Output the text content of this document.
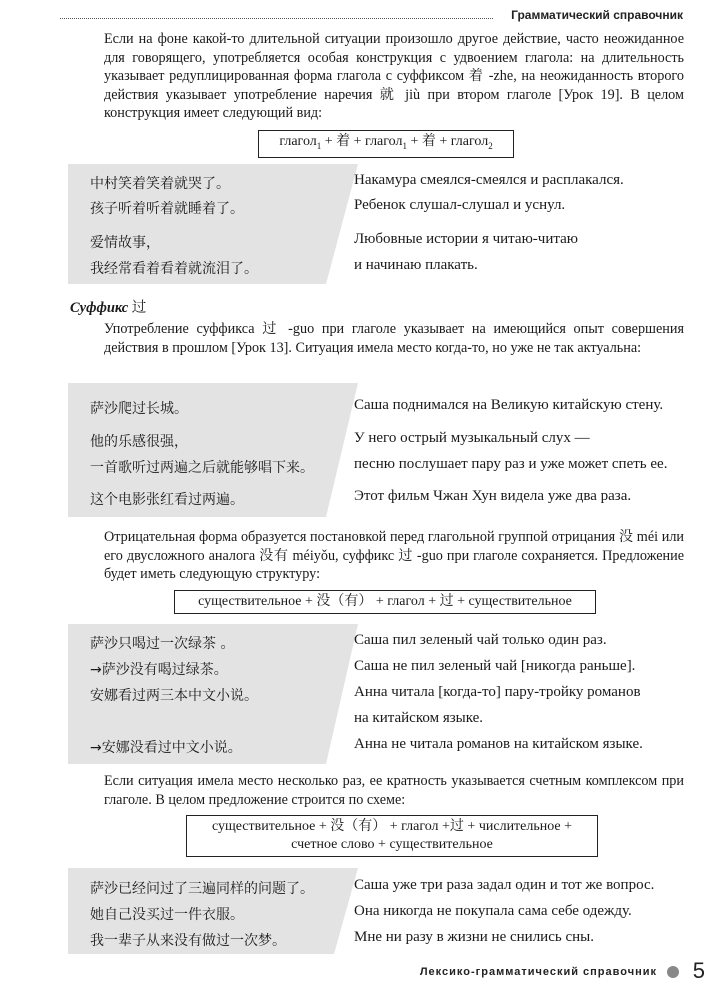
Грамматический справочник
Если на фоне какой-то длительной ситуации произошло другое действие, часто неожиданное для говорящего, употребляется особая конструкция с удвоением глагола: на длительность указывает редуплицированная форма глагола с суффиксом 着 -zhe, на неожиданность второго действия указывает употребление наречия 就 jiù при втором глаголе [Урок 19]. В целом конструкция имеет следующий вид:
глагол$_1$ + 着 + глагол$_1$ + 着 + глагол$_2$
中村笑着笑着就哭了。	Накамура смеялся-смеялся и расплакался.
孩子听着听着就睡着了。	Ребенок слушал-слушал и уснул.
爱情故事，	Любовные истории я читаю-читаю
我经常看着看着就流泪了。	и начинаю плакать.
Суффикс 过
Употребление суффикса 过 -guo при глаголе указывает на имеющийся опыт совершения действия в прошлом [Урок 13]. Ситуация имела место когда-то, но уже не так актуальна:
萨沙爬过长城。	Саша поднимался на Великую китайскую стену.
他的乐感很强，	У него острый музыкальный слух —
一首歌听过两遍之后就能够唱下来。	песню послушает пару раз и уже может спеть ее.
这个电影张红看过两遍。	Этот фильм Чжан Хун видела уже два раза.
Отрицательная форма образуется постановкой перед глагольной группой отрицания 没 méi или его двусложного аналога 没有 méiyǒu, суффикс 过 -guo при глаголе сохраняется. Предложение будет иметь следующую структуру:
существительное + 没（有） + глагол + 过 + существительное
萨沙只喝过一次绿茶 。	Саша пил зеленый чай только один раз.
→萨沙没有喝过绿茶。	Саша не пил зеленый чай [никогда раньше].
安娜看过两三本中文小说。	Анна читала [когда-то] пару-тройку романов
на китайском языке.
→安娜没看过中文小说。	Анна не читала романов на китайском языке.
Если ситуация имела место несколько раз, ее кратность указывается счетным комплексом при глаголе. В целом предложение строится по схеме:
существительное + 没（有） + глагол +过 + числительное +
счетное слово + существительное
萨沙已经问过了三遍同样的问题了。	Саша уже три раза задал один и тот же вопрос.
她自己没买过一件衣服。	Она никогда не покупала сама себе одежду.
我一辈子从来没有做过一次梦。	Мне ни разу в жизни не снились сны.
Лексико-грамматический справочник 5
